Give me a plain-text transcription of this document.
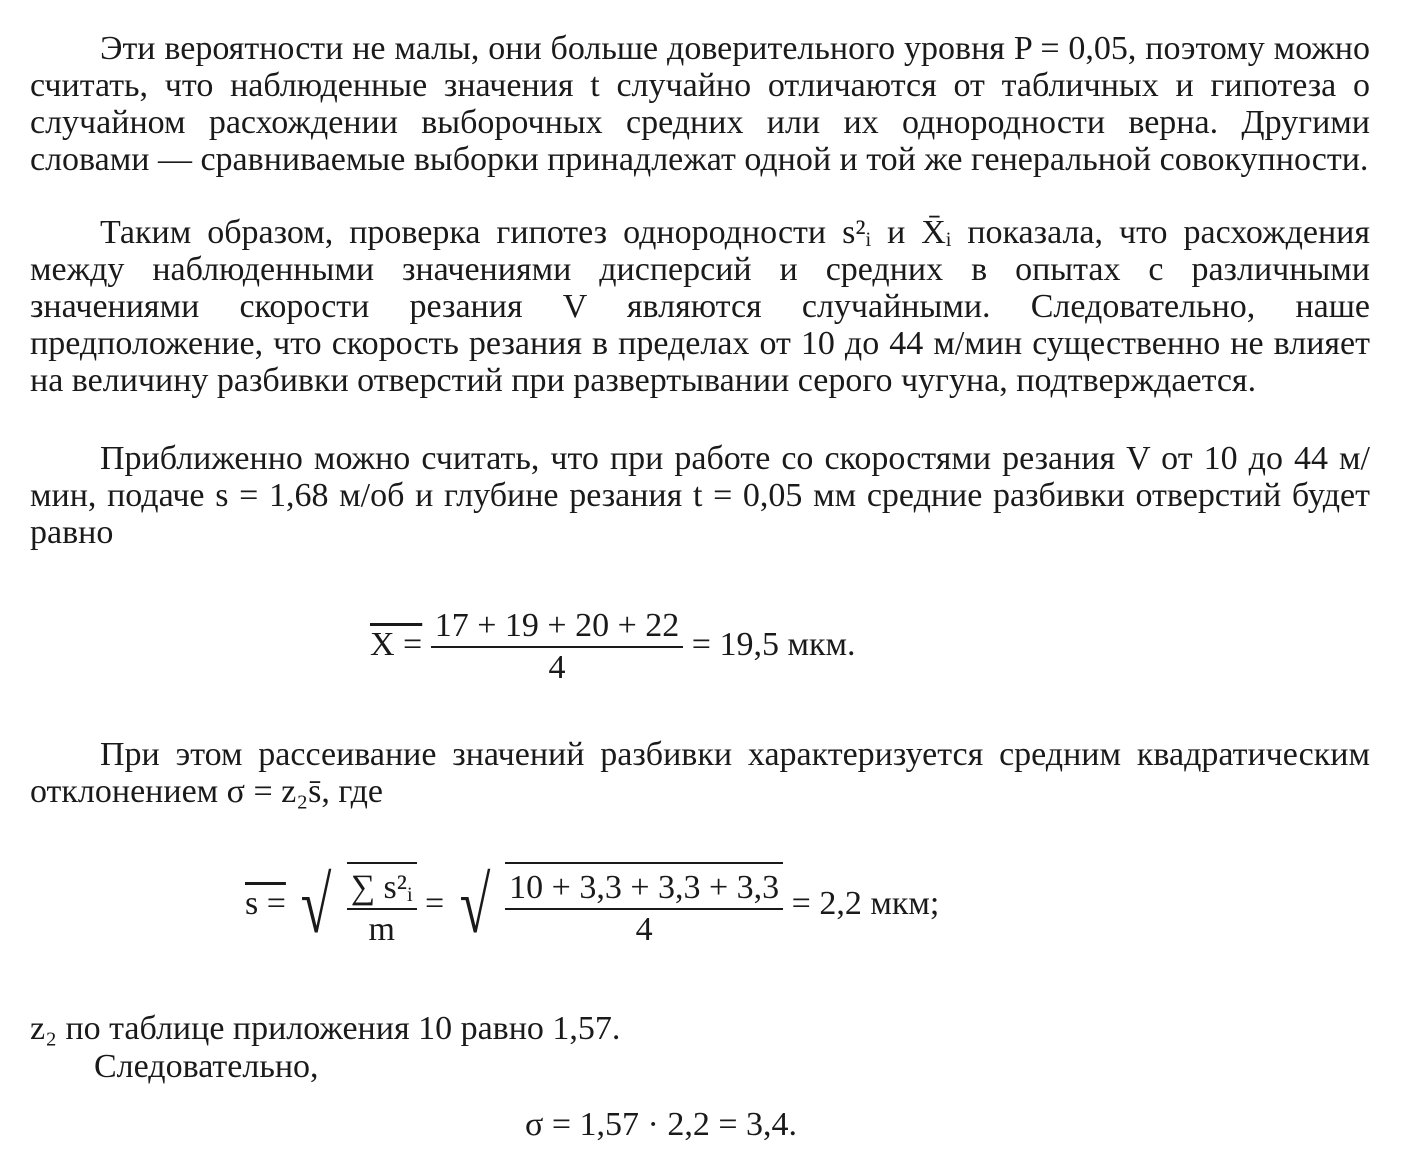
Эти вероятности не малы, они больше доверительного уровня P = 0,05, поэтому можно считать, что наблюденные значения t случайно отличаются от табличных и гипотеза о случайном расхождении выборочных средних или их однородности верна. Другими словами — сравниваемые выборки принадлежат одной и той же генеральной совокупности.

Таким образом, проверка гипотез однородности s²ᵢ и X̄ᵢ показала, что расхождения между наблюденными значениями дисперсий и средних в опытах с различными значениями скорости резания V являются случайными. Следовательно, наше предположение, что скорость резания в пределах от 10 до 44 м/мин существенно не влияет на величину разбивки отверстий при развертывании серого чугуна, подтверждается.

Приближенно можно считать, что при работе со скоростями резания V от 10 до 44 м/мин, подаче s = 1,68 м/об и глубине резания t = 0,05 мм средние разбивки отверстий будет равно

$X = \frac{17 + 19 + 20 + 22}{4} = 19,5$ мкм.

При этом рассеивание значений разбивки характеризуется средним квадратическим отклонением σ = z₂s̄, где

s = √ $\frac{\text{∑ s²ᵢ}}{m}$ = √ $\frac{10 + 3,3 + 3,3 + 3,3}{4} = 2,2$ мкм;

z₂ по таблице приложения 10 равно 1,57.

Следовательно,

σ = 1,57 · 2,2 = 3,4.
